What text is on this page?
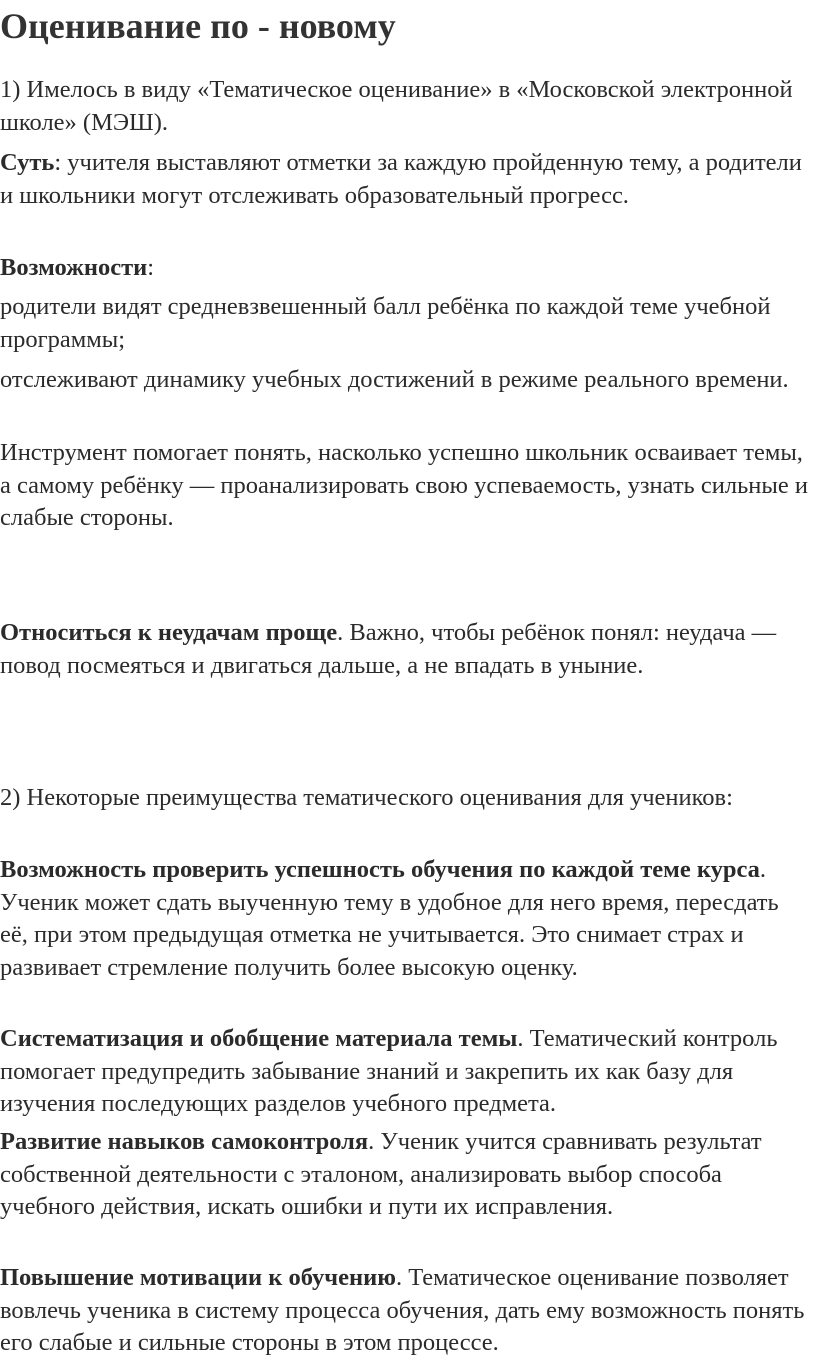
Оценивание по - новому

1) Имелось в виду «Тематическое оценивание» в «Московской электронной школе» (МЭШ).

Суть: учителя выставляют отметки за каждую пройденную тему, а родители и школьники могут отслеживать образовательный прогресс.

Возможности:

родители видят средневзвешенный балл ребёнка по каждой теме учебной программы;

отслеживают динамику учебных достижений в режиме реального времени.

Инструмент помогает понять, насколько успешно школьник осваивает темы, а самому ребёнку — проанализировать свою успеваемость, узнать сильные и слабые стороны.

Относиться к неудачам проще. Важно, чтобы ребёнок понял: неудача — повод посмеяться и двигаться дальше, а не впадать в уныние.

2) Некоторые преимущества тематического оценивания для учеников:

Возможность проверить успешность обучения по каждой теме курса. Ученик может сдать выученную тему в удобное для него время, пересдать её, при этом предыдущая отметка не учитывается. Это снимает страх и развивает стремление получить более высокую оценку.

Систематизация и обобщение материала темы. Тематический контроль помогает предупредить забывание знаний и закрепить их как базу для изучения последующих разделов учебного предмета.

Развитие навыков самоконтроля. Ученик учится сравнивать результат собственной деятельности с эталоном, анализировать выбор способа учебного действия, искать ошибки и пути их исправления.

Повышение мотивации к обучению. Тематическое оценивание позволяет вовлечь ученика в систему процесса обучения, дать ему возможность понять его слабые и сильные стороны в этом процессе.
